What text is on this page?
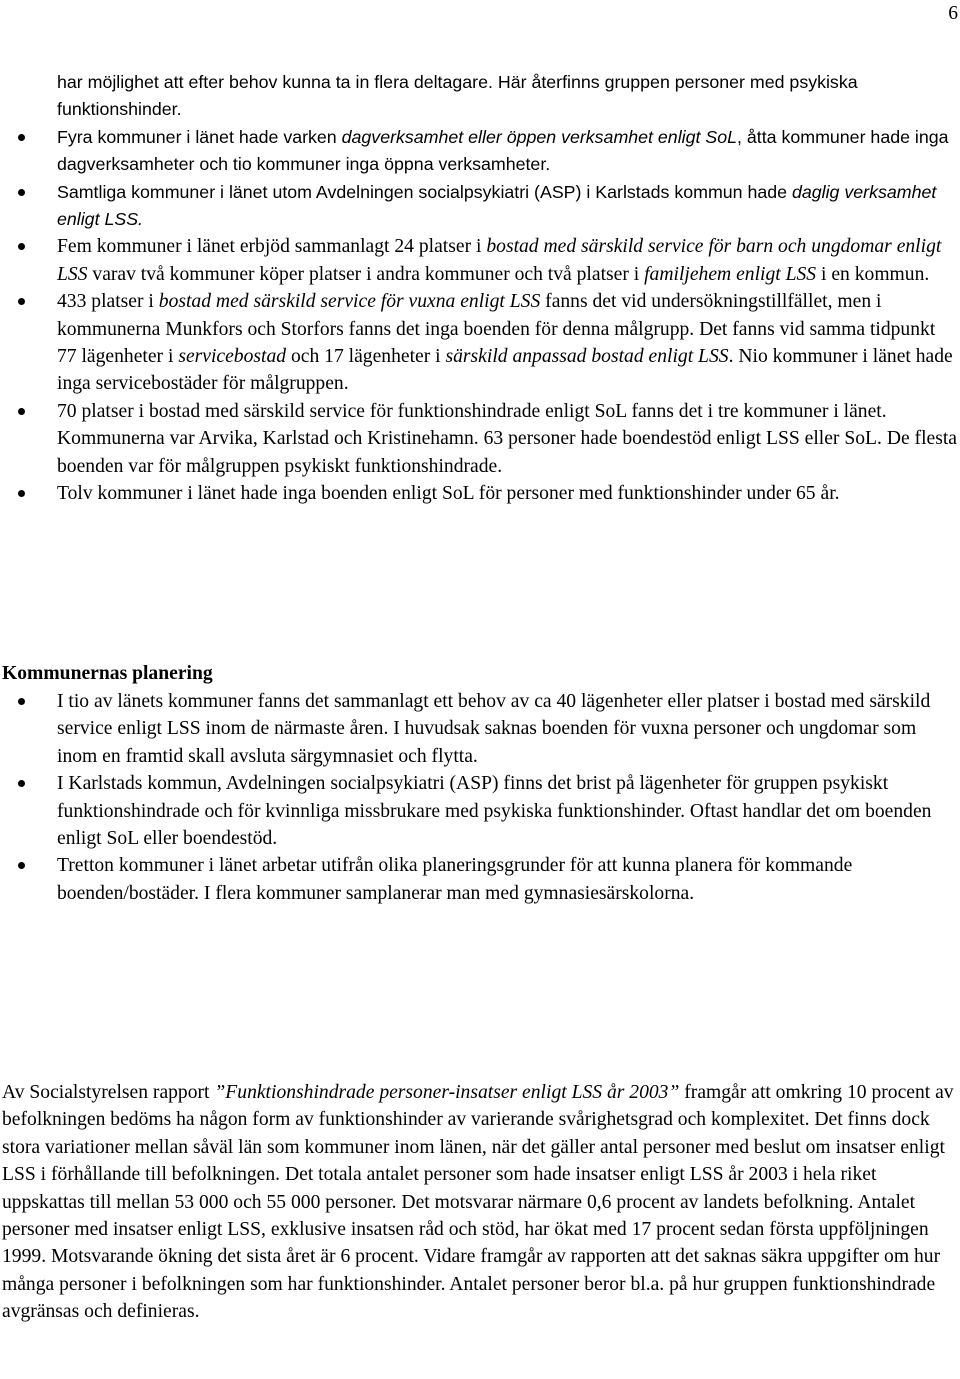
6
har möjlighet att efter behov kunna ta in flera deltagare. Här återfinns gruppen personer med psykiska funktionshinder.
Fyra kommuner i länet hade varken dagverksamhet eller öppen verksamhet enligt SoL, åtta kommuner hade inga dagverksamheter och tio kommuner inga öppna verksamheter.
Samtliga kommuner i länet utom Avdelningen socialpsykiatri (ASP) i Karlstads kommun hade daglig verksamhet enligt LSS.
Fem kommuner i länet erbjöd sammanlagt 24 platser i bostad med särskild service för barn och ungdomar enligt LSS varav två kommuner köper platser i andra kommuner och två platser i familjehem enligt LSS i en kommun.
433 platser i bostad med särskild service för vuxna enligt LSS fanns det vid undersökningstillfället, men i kommunerna Munkfors och Storfors fanns det inga boenden för denna målgrupp. Det fanns vid samma tidpunkt 77 lägenheter i servicebostad och 17 lägenheter i särskild anpassad bostad enligt LSS. Nio kommuner i länet hade inga servicebostäder för målgruppen.
70 platser i bostad med särskild service för funktionshindrade enligt SoL fanns det i tre kommuner i länet. Kommunerna var Arvika, Karlstad och Kristinehamn. 63 personer hade boendestöd enligt LSS eller SoL. De flesta boenden var för målgruppen psykiskt funktionshindrade.
Tolv kommuner i länet hade inga boenden enligt SoL för personer med funktionshinder under 65 år.
Kommunernas planering
I tio av länets kommuner fanns det sammanlagt ett behov av ca 40 lägenheter eller platser i bostad med särskild service enligt LSS inom de närmaste åren. I huvudsak saknas boenden för vuxna personer och ungdomar som inom en framtid skall avsluta särgymnasiet och flytta.
I Karlstads kommun, Avdelningen socialpsykiatri (ASP) finns det brist på lägenheter för gruppen psykiskt funktionshindrade och för kvinnliga missbrukare med psykiska funktionshinder. Oftast handlar det om boenden enligt SoL eller boendestöd.
Tretton kommuner i länet arbetar utifrån olika planeringsgrunder för att kunna planera för kommande boenden/bostäder. I flera kommuner samplanerar man med gymnasiesärskolorna.
Av Socialstyrelsen rapport ”Funktionshindrade personer-insatser enligt LSS år 2003” framgår att omkring 10 procent av befolkningen bedöms ha någon form av funktionshinder av varierande svårighetsgrad och komplexitet. Det finns dock stora variationer mellan såväl län som kommuner inom länen, när det gäller antal personer med beslut om insatser enligt LSS i förhållande till befolkningen. Det totala antalet personer som hade insatser enligt LSS år 2003 i hela riket uppskattas till mellan 53 000 och 55 000 personer. Det motsvarar närmare 0,6 procent av landets befolkning. Antalet personer med insatser enligt LSS, exklusive insatsen råd och stöd, har ökat med 17 procent sedan första uppföljningen 1999. Motsvarande ökning det sista året är 6 procent. Vidare framgår av rapporten att det saknas säkra uppgifter om hur många personer i befolkningen som har funktionshinder. Antalet personer beror bl.a. på hur gruppen funktionshindrade avgränsas och definieras.
